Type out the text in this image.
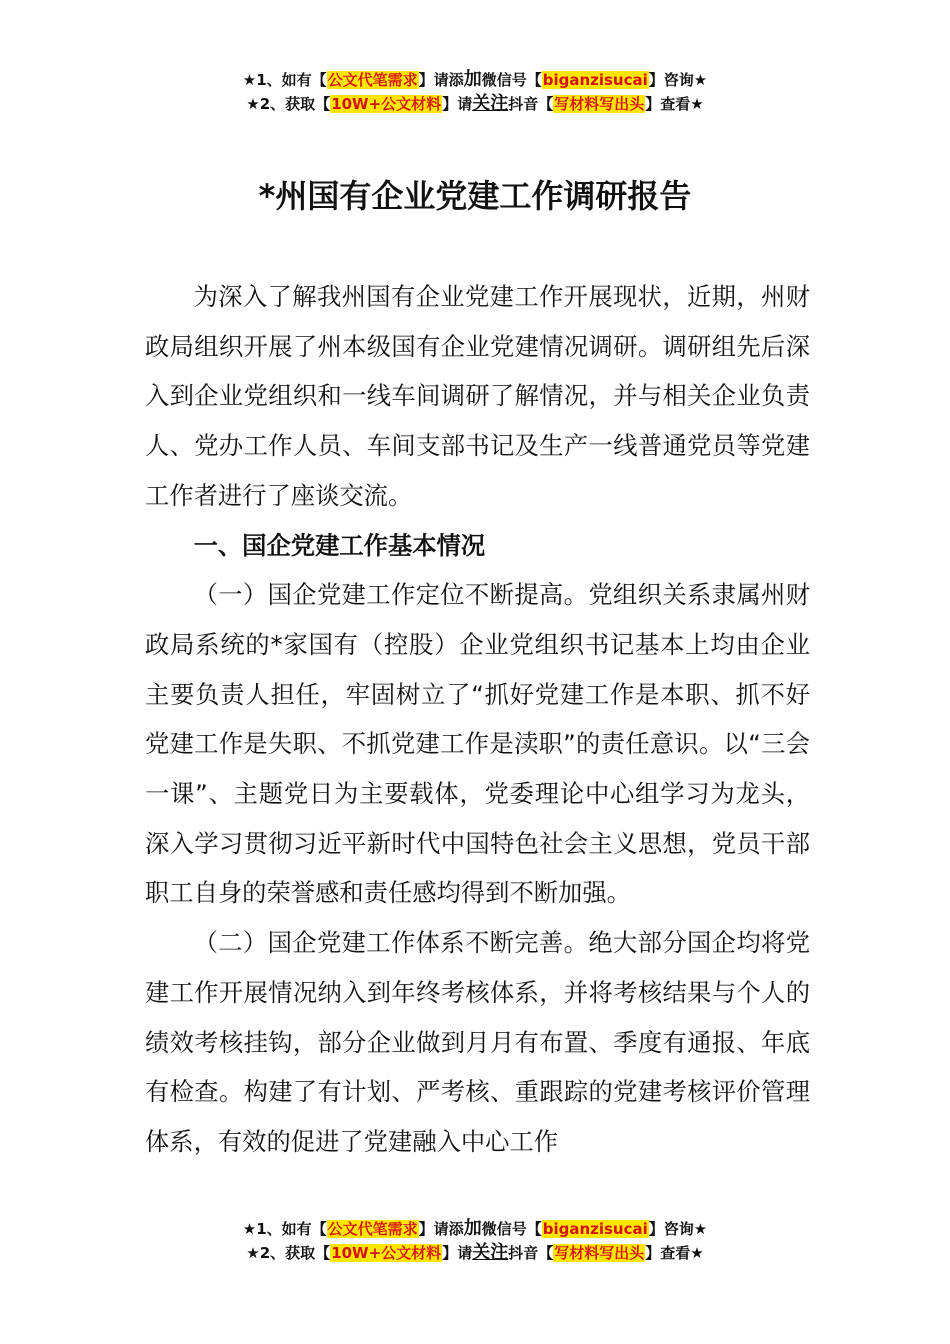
★1、如有【公文代笔需求】请添加微信号【biganzisucai】咨询★
★2、获取【10W+公文材料】请关注抖音【写材料写出头】查看★
*州国有企业党建工作调研报告

为深入了解我州国有企业党建工作开展现状，近期，州财政局组织开展了州本级国有企业党建情况调研。调研组先后深入到企业党组织和一线车间调研了解情况，并与相关企业负责人、党办工作人员、车间支部书记及生产一线普通党员等党建工作者进行了座谈交流。

一、国企党建工作基本情况

（一）国企党建工作定位不断提高。党组织关系隶属州财政局系统的*家国有（控股）企业党组织书记基本上均由企业主要负责人担任，牢固树立了“抓好党建工作是本职、抓不好党建工作是失职、不抓党建工作是渎职”的责任意识。以“三会一课”、主题党日为主要载体，党委理论中心组学习为龙头，深入学习贯彻习近平新时代中国特色社会主义思想，党员干部职工自身的荣誉感和责任感均得到不断加强。

（二）国企党建工作体系不断完善。绝大部分国企均将党建工作开展情况纳入到年终考核体系，并将考核结果与个人的绩效考核挂钩，部分企业做到月月有布置、季度有通报、年底有检查。构建了有计划、严考核、重跟踪的党建考核评价管理体系，有效的促进了党建融入中心工作

★1、如有【公文代笔需求】请添加微信号【biganzisucai】咨询★
★2、获取【10W+公文材料】请关注抖音【写材料写出头】查看★
